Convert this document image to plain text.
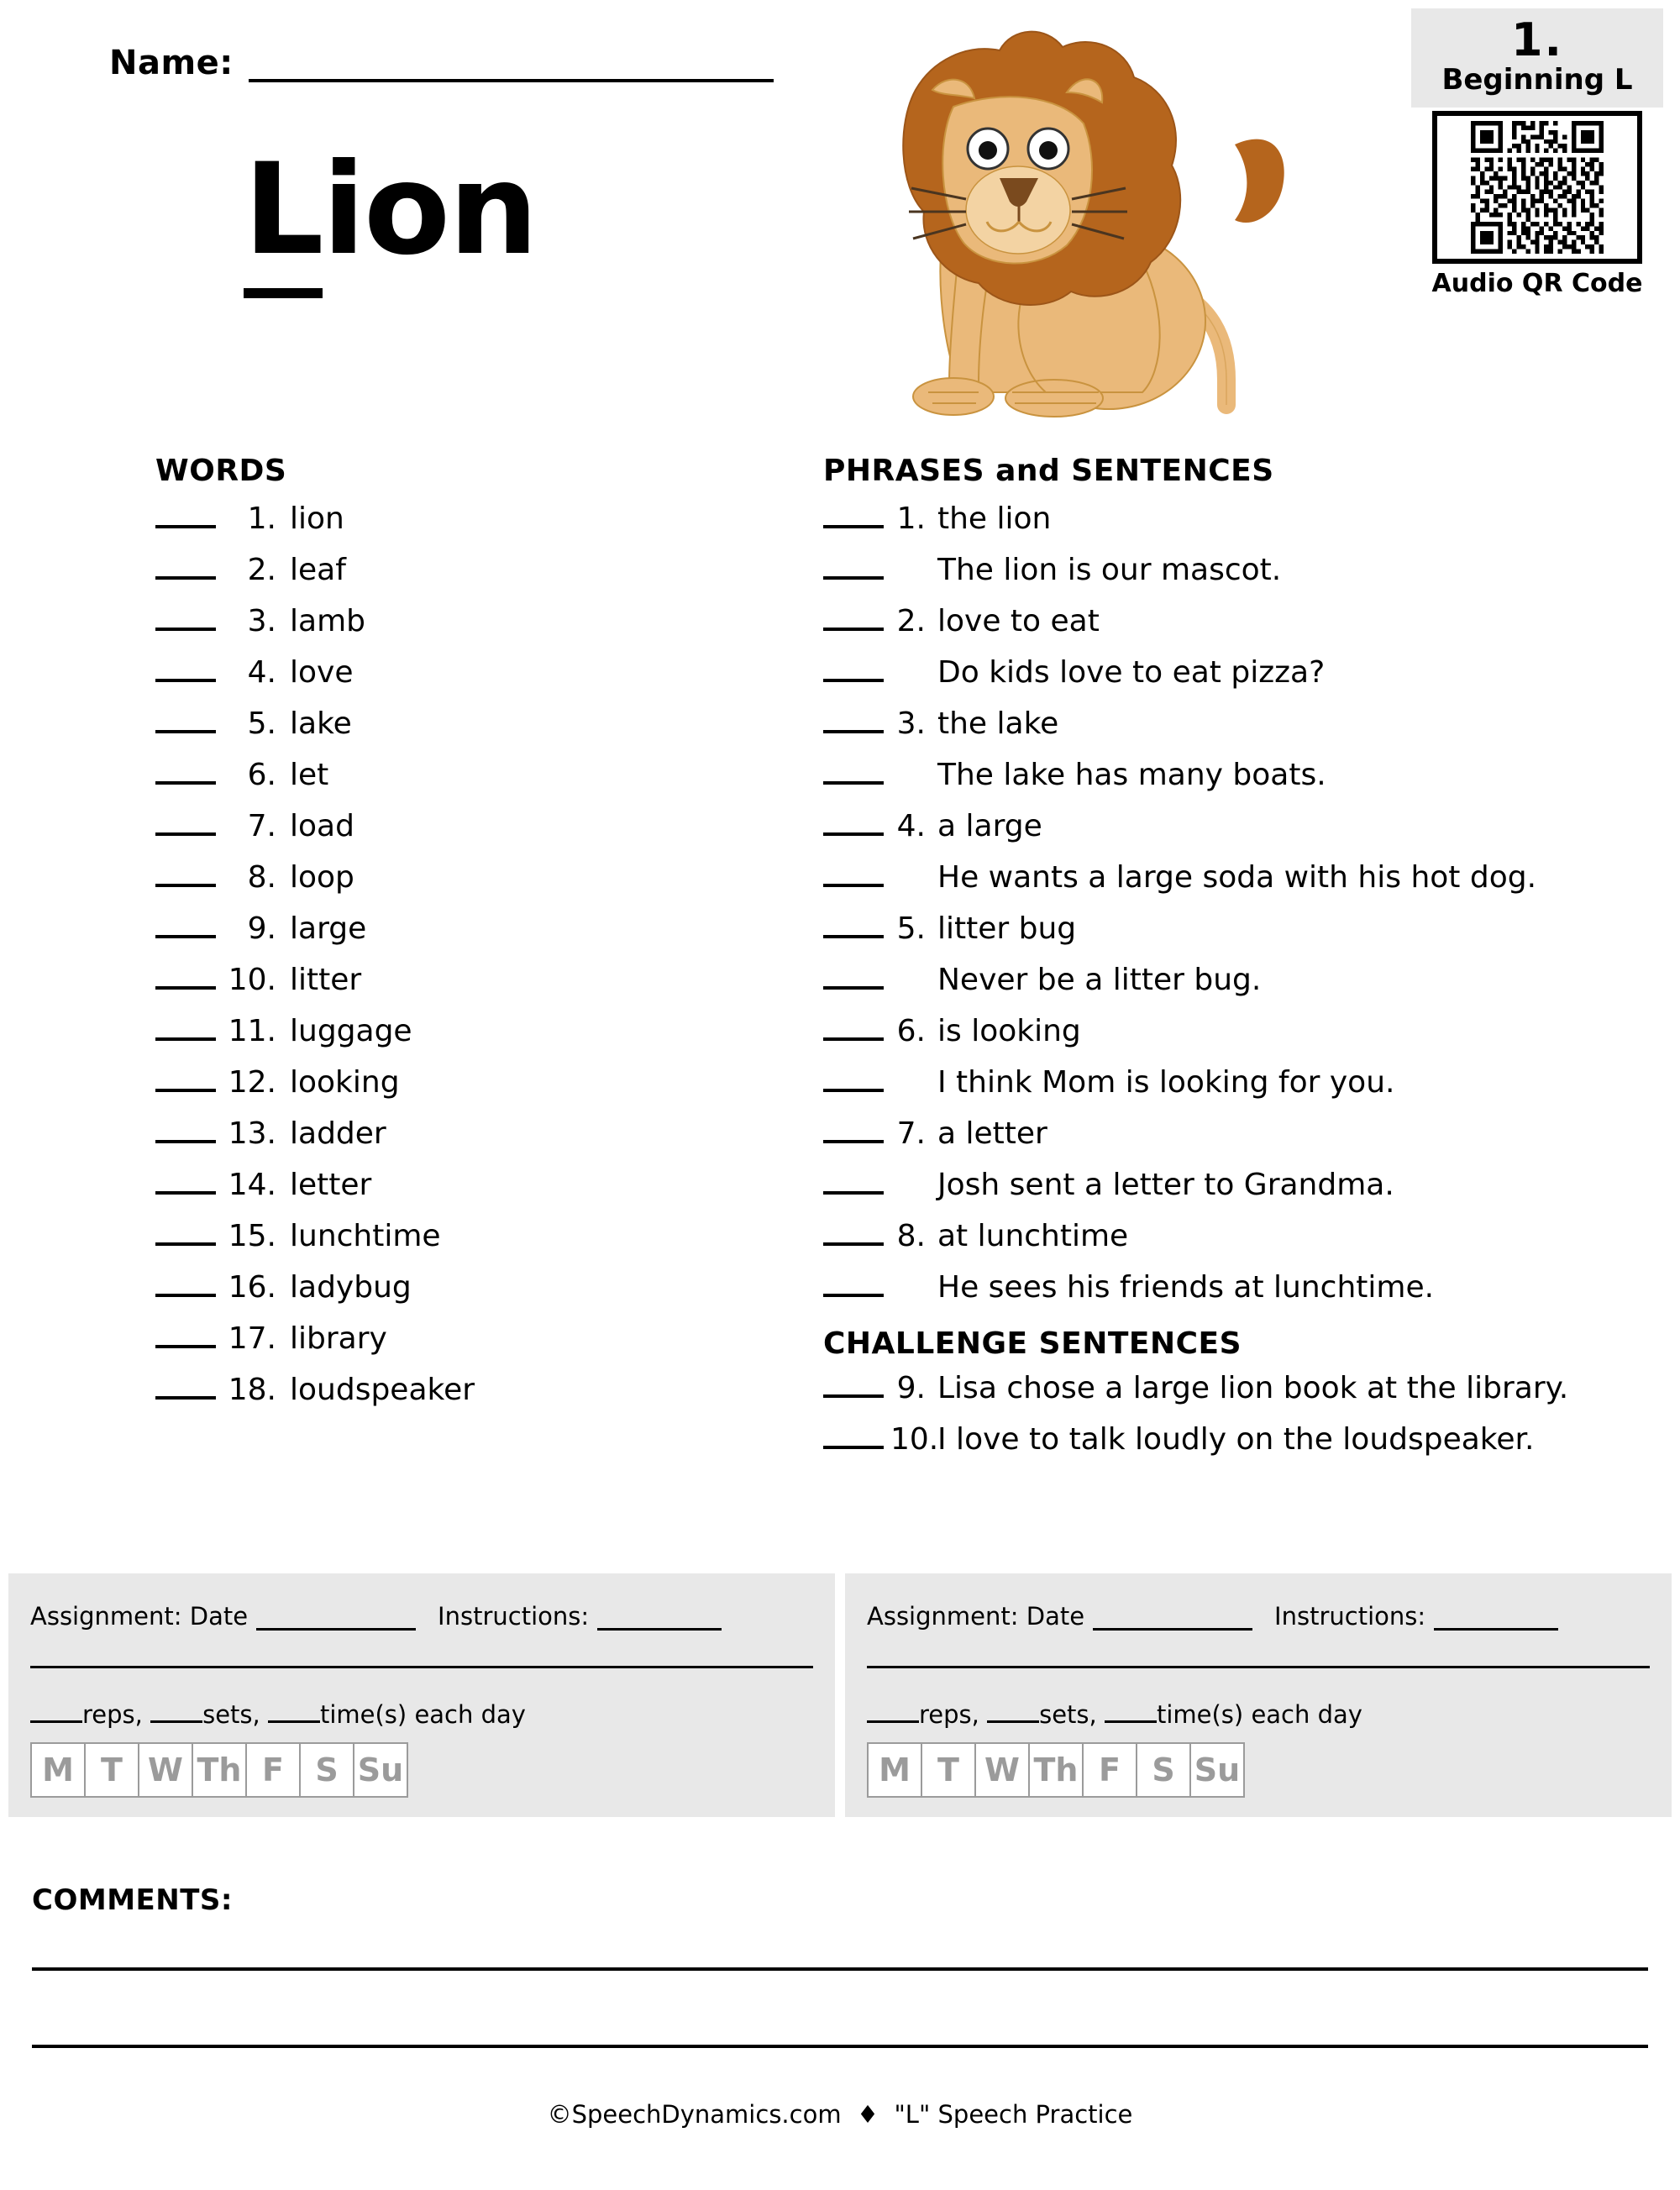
Name:
Lion
1.
Beginning L
Audio QR Code
WORDS
1. lion
2. leaf
3. lamb
4. love
5. lake
6. let
7. load
8. loop
9. large
10. litter
11. luggage
12. looking
13. ladder
14. letter
15. lunchtime
16. ladybug
17. library
18. loudspeaker
PHRASES and SENTENCES
1. the lion
The lion is our mascot.
2. love to eat
Do kids love to eat pizza?
3. the lake
The lake has many boats.
4. a large
He wants a large soda with his hot dog.
5. litter bug
Never be a litter bug.
6. is looking
I think Mom is looking for you.
7. a letter
Josh sent a letter to Grandma.
8. at lunchtime
He sees his friends at lunchtime.
CHALLENGE SENTENCES
9. Lisa chose a large lion book at the library.
10.
I love to talk loudly on the loudspeaker.
Assignment: Date	Instructions:
reps, sets, time(s) each day
M T W Th F S Su
Assignment: Date	Instructions:
reps, sets, time(s) each day
M T W Th F S Su
COMMENTS:
©SpeechDynamics.com  ♦  "L" Speech Practice
